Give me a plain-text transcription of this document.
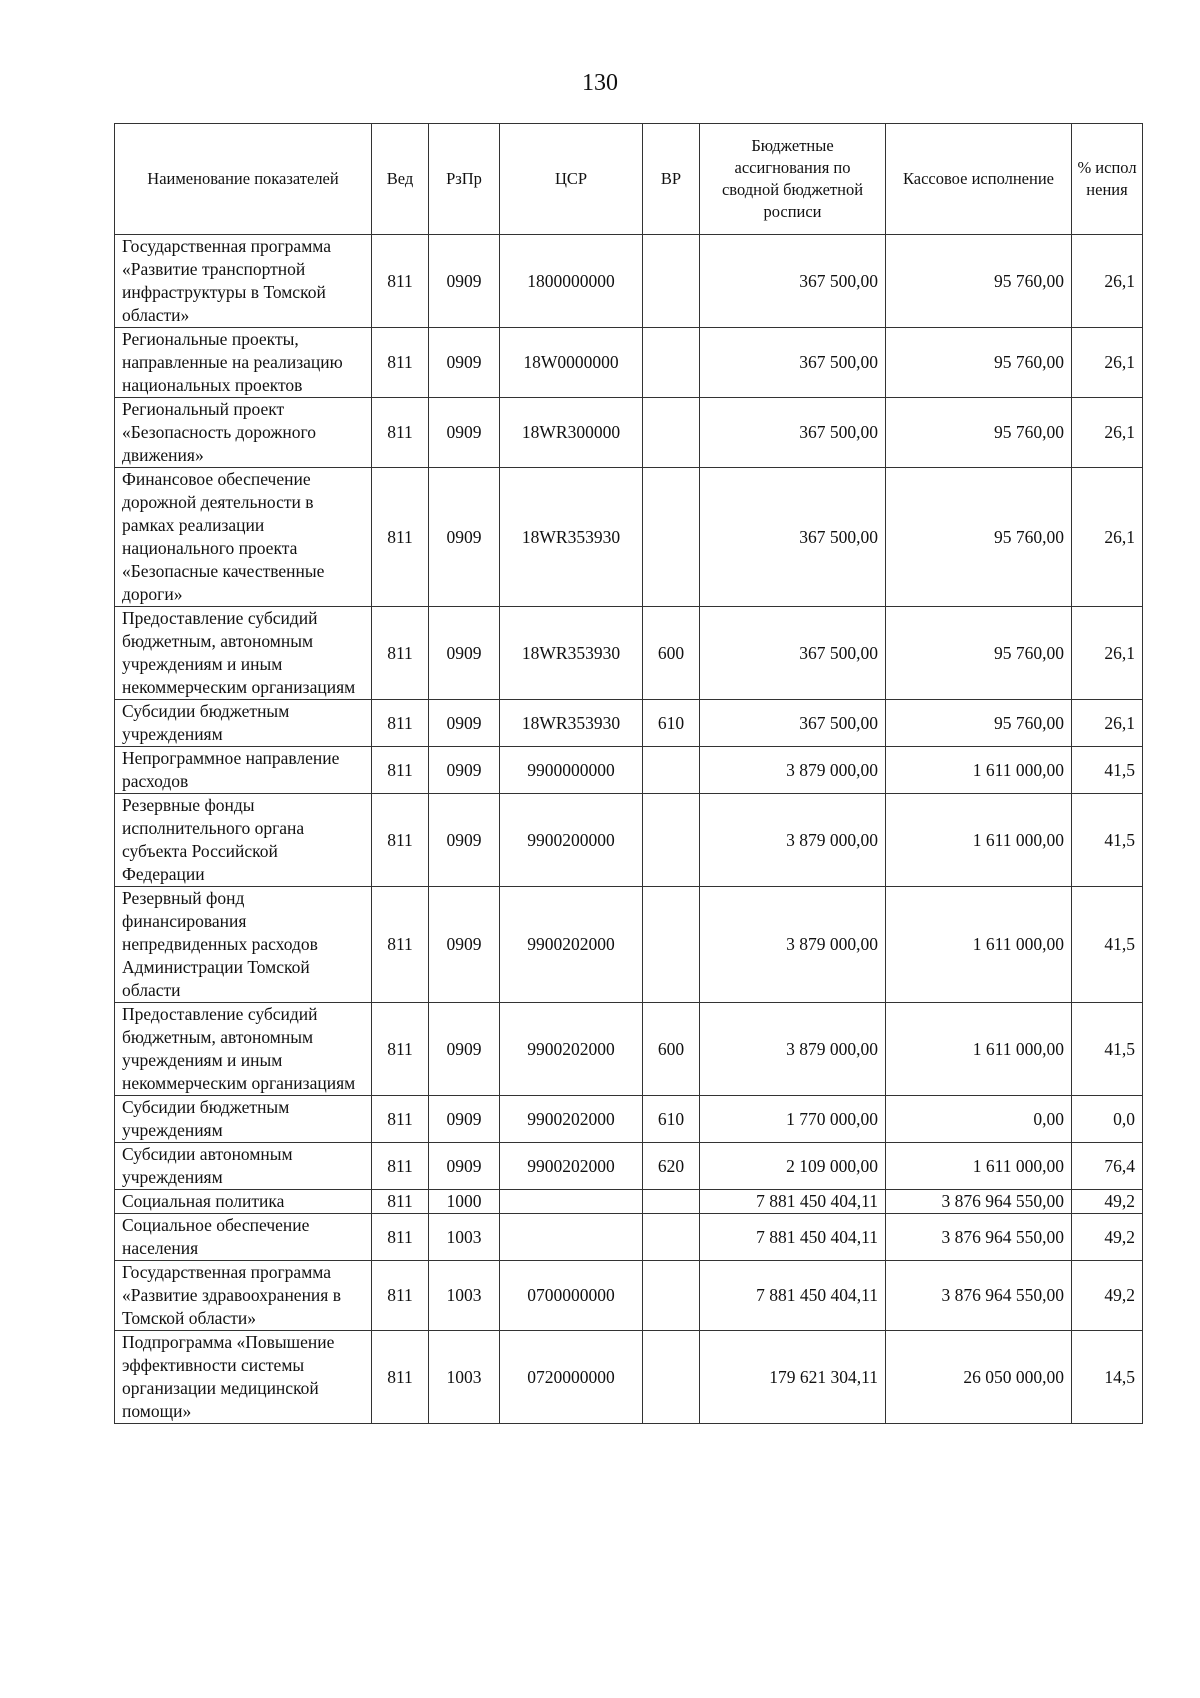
130
Наименование показателей	Вед	РзПр	ЦСР	ВР	Бюджетные ассигнования по сводной бюджетной росписи	Кассовое исполнение	% испол нения
Государственная программа «Развитие транспортной инфраструктуры в Томской области»	811	0909	1800000000		367 500,00	95 760,00	26,1
Региональные проекты, направленные на реализацию национальных проектов	811	0909	18W0000000		367 500,00	95 760,00	26,1
Региональный проект «Безопасность дорожного движения»	811	0909	18WR300000		367 500,00	95 760,00	26,1
Финансовое обеспечение дорожной деятельности в рамках реализации национального проекта «Безопасные качественные дороги»	811	0909	18WR353930		367 500,00	95 760,00	26,1
Предоставление субсидий бюджетным, автономным учреждениям и иным некоммерческим организациям	811	0909	18WR353930	600	367 500,00	95 760,00	26,1
Субсидии бюджетным учреждениям	811	0909	18WR353930	610	367 500,00	95 760,00	26,1
Непрограммное направление расходов	811	0909	9900000000		3 879 000,00	1 611 000,00	41,5
Резервные фонды исполнительного органа субъекта Российской Федерации	811	0909	9900200000		3 879 000,00	1 611 000,00	41,5
Резервный фонд финансирования непредвиденных расходов Администрации Томской области	811	0909	9900202000		3 879 000,00	1 611 000,00	41,5
Предоставление субсидий бюджетным, автономным учреждениям и иным некоммерческим организациям	811	0909	9900202000	600	3 879 000,00	1 611 000,00	41,5
Субсидии бюджетным учреждениям	811	0909	9900202000	610	1 770 000,00	0,00	0,0
Субсидии автономным учреждениям	811	0909	9900202000	620	2 109 000,00	1 611 000,00	76,4
Социальная политика	811	1000			7 881 450 404,11	3 876 964 550,00	49,2
Социальное обеспечение населения	811	1003			7 881 450 404,11	3 876 964 550,00	49,2
Государственная программа «Развитие здравоохранения в Томской области»	811	1003	0700000000		7 881 450 404,11	3 876 964 550,00	49,2
Подпрограмма «Повышение эффективности системы организации медицинской помощи»	811	1003	0720000000		179 621 304,11	26 050 000,00	14,5
